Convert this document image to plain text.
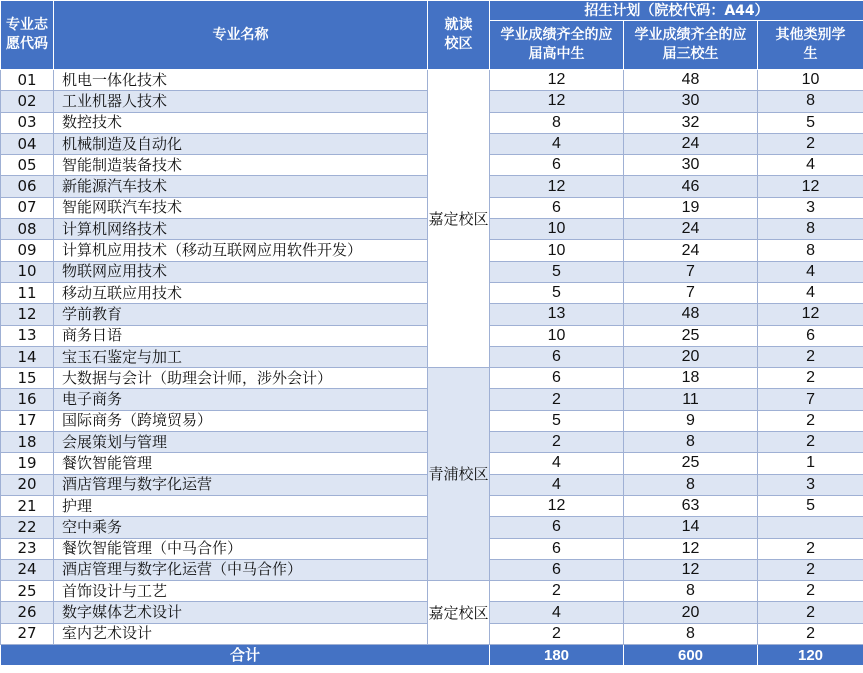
专业志愿代码	专业名称	就读校区	招生计划（院校代码：A44）		
			学业成绩齐全的应届高中生	学业成绩齐全的应届三校生	其他类别学生
01	机电一体化技术	嘉定校区	12	48	10
02	工业机器人技术		12	30	8
03	数控技术		8	32	5
04	机械制造及自动化		4	24	2
05	智能制造装备技术		6	30	4
06	新能源汽车技术		12	46	12
07	智能网联汽车技术		6	19	3
08	计算机网络技术		10	24	8
09	计算机应用技术（移动互联网应用软件开发）		10	24	8
10	物联网应用技术		5	7	4
11	移动互联应用技术		5	7	4
12	学前教育		13	48	12
13	商务日语		10	25	6
14	宝玉石鉴定与加工		6	20	2
15	大数据与会计（助理会计师，涉外会计）	青浦校区	6	18	2
16	电子商务		2	11	7
17	国际商务（跨境贸易）		5	9	2
18	会展策划与管理		2	8	2
19	餐饮智能管理		4	25	1
20	酒店管理与数字化运营		4	8	3
21	护理		12	63	5
22	空中乘务		6	14	
23	餐饮智能管理（中马合作）		6	12	2
24	酒店管理与数字化运营（中马合作）		6	12	2
25	首饰设计与工艺	嘉定校区	2	8	2
26	数字媒体艺术设计		4	20	2
27	室内艺术设计		2	8	2
合计			180	600	120
